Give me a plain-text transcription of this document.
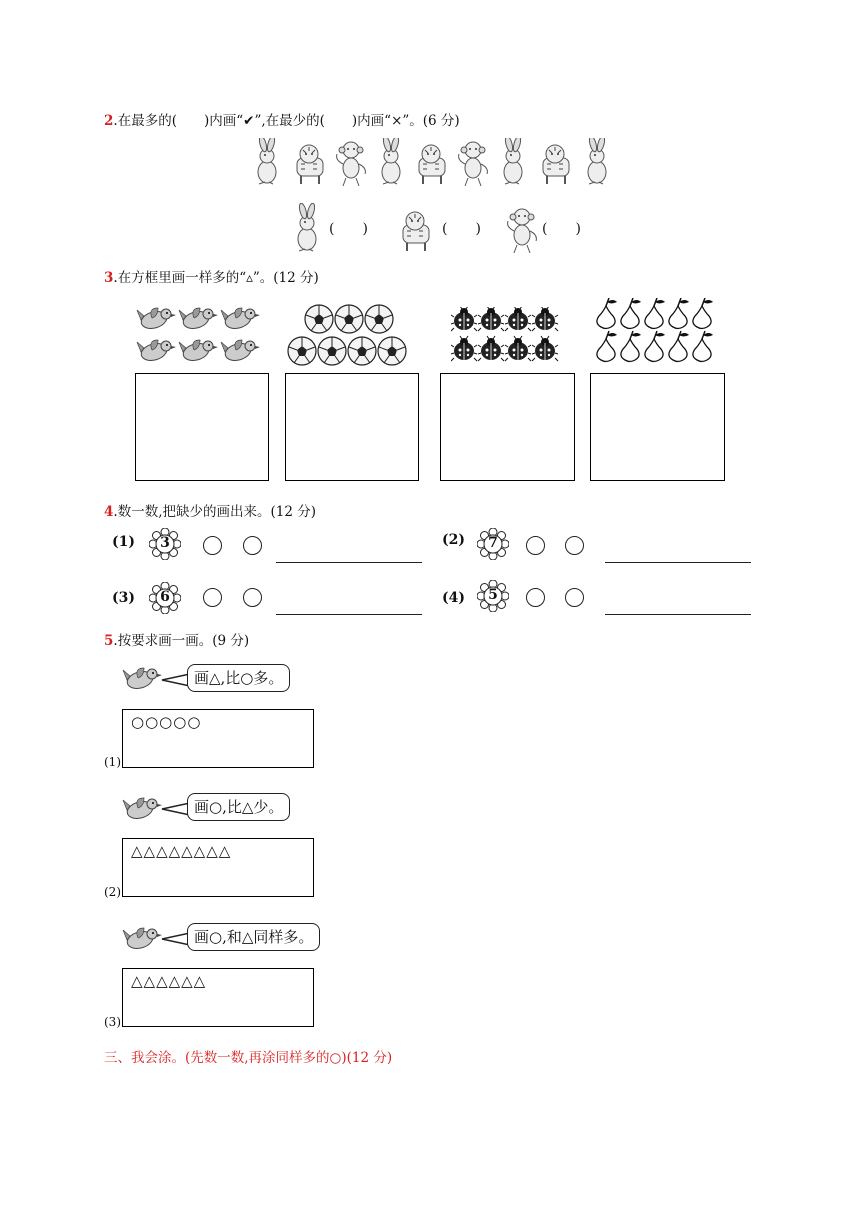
2.在最多的(　　)内画“✔”,在最少的(　　)内画“×”。(6 分)
(　　)	(　　)	(　　)
3.在方框里画一样多的“▵”。(12 分)
4.数一数,把缺少的画出来。(12 分)
(1)	3	(2)	7
(3)	6	(4)	5
5.按要求画一画。(9 分)
画△,比○多。
(1)
○○○○○
画○,比△少。
(2)
△△△△△△△△
画○,和△同样多。
(3)
△△△△△△
三、我会涂。(先数一数,再涂同样多的○)(12 分)
